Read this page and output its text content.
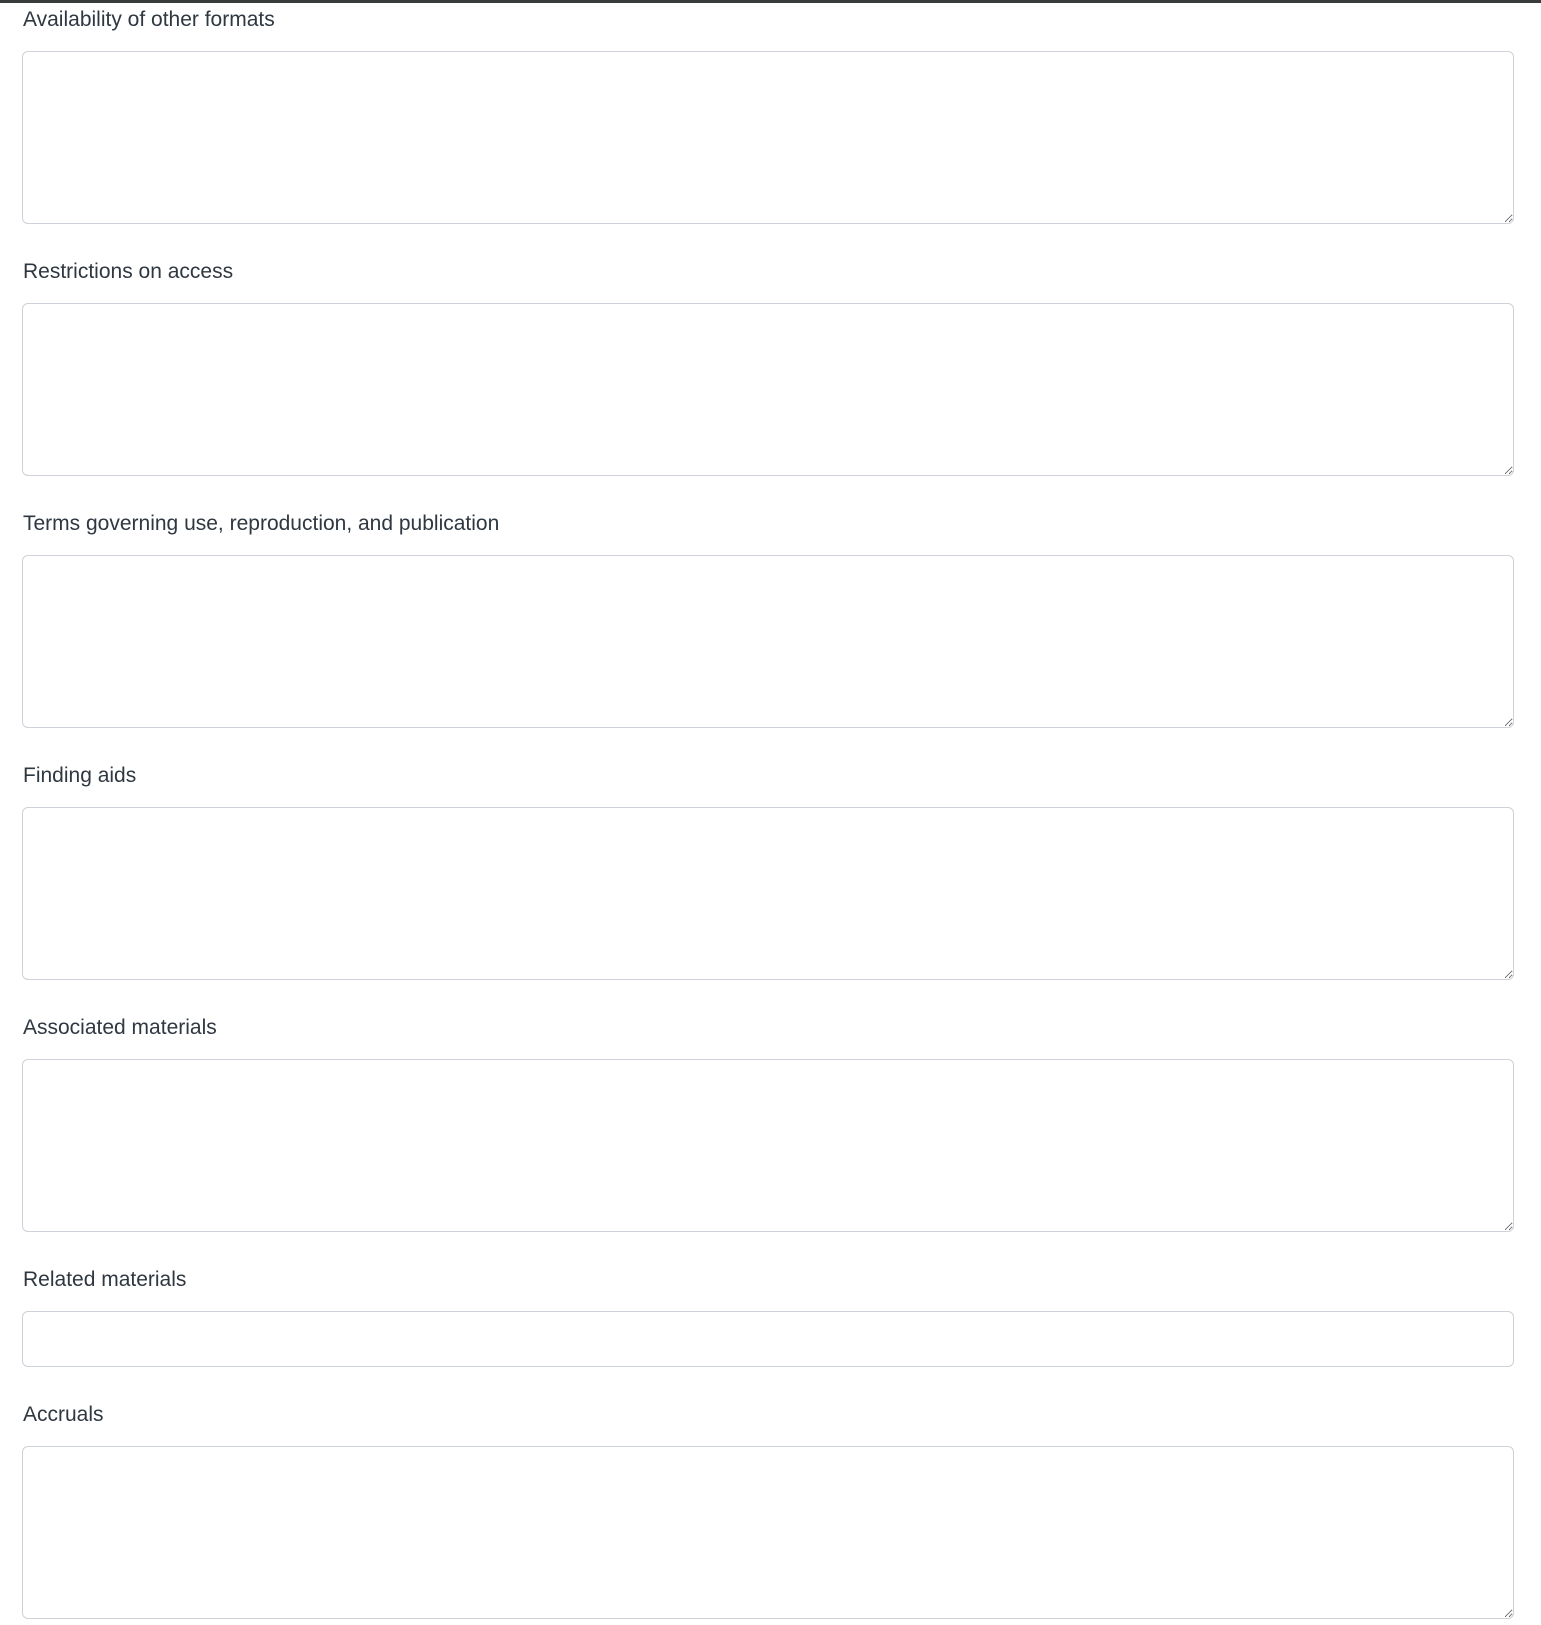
Availability of other formats
Restrictions on access
Terms governing use, reproduction, and publication
Finding aids
Associated materials
Related materials
Accruals
